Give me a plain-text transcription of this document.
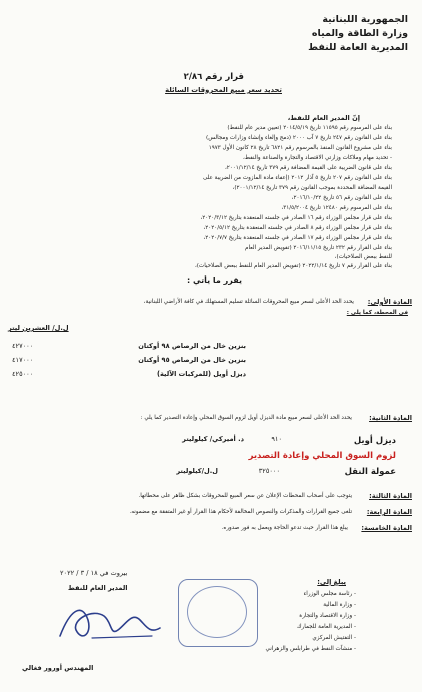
الجمهورية اللبنانية
وزارة الطاقة والمياه
المديرية العامة للنفط
قرار رقم ٢/٨٦
تحديد سعر مبيع المحروقات السائلة
إنّ المدير العام للنفط،
بناء على المرسوم رقم ١١٥٩٥ تاريخ ٢٠١٤/٥/١٩ (تعيين مدير عام للنفط)
بناء على القانون رقم ٢٤٧ تاريخ ٧ آب ٢٠٠٠ (دمج وإلغاء وإنشاء وزارات ومجالس)
بناء على مشروع القانون المنفذ بالمرسوم رقم ٦٨٢١ تاريخ ٢٨ كانون الأول ١٩٧٣
- تحديد مهام وملاكات وزارتي الاقتصاد والتجارة والصناعة والنفط،
بناء على قانون الضريبة على القيمة المضافة رقم ٣٧٩ تاريخ ٢٠٠١/١٢/١٤،
بناء على القانون رقم ٢٠٧ تاريخ ٥ آذار ٢٠١٢ (إعفاء مادة المازوت من الضريبة على
القيمة المضافة المحددة بموجب القانون رقم ٣٧٩ تاريخ ٢٠٠١/١٢/١٤)،
بناء على القانون رقم ٥٦ تاريخ ٢٠١٦/١٠/٢٢،
بناء على المرسوم رقم ١٢٤٨٠ تاريخ ٣١/٥/٢٠٠٤،
بناء على قرار مجلس الوزراء رقم ١٦ الصادر في جلسته المنعقدة بتاريخ ٢٠٢٠/٣/١٢،
بناء على قرار مجلس الوزراء رقم ٨ الصادر في جلسته المنعقدة بتاريخ ٢٠٢٠/٥/١٢،
بناء على قرار مجلس الوزراء رقم ١٧ الصادر في جلسته المنعقدة بتاريخ ٢٠٢٠/٧/٧،
بناء على القرار رقم ٢٣٢ تاريخ ٢٠١٦/١١/١٥ (تفويض المدير العام
للنفط ببعض الصلاحيات)،
بناء على القرار رقم ٧ تاريخ ٢٠٢٢/١/١٤ (تفويض المدير العام للنفط ببعض الصلاحيات)،
يقرر ما يأتي :
المادة الأولى:
يحدد الحد الأعلى لسعر مبيع المحروقات السائلة تسليم المستهلك في كافة الأراضي اللبنانية،
في المحطة، كما يلي :
ل.ل/ العشرين ليتر
بنزين خال من الرصاص ٩٨ أوكتان
٤٢٧٠٠٠
بنزين خال من الرصاص ٩٥ أوكتان
٤١٧٠٠٠
ديزل أويل (للمركبات الآلية)
٤٢٥٠٠٠
المادة الثانية:
يحدد الحد الأعلى لسعر مبيع مادة الديزل أويل لزوم السوق المحلي وإعادة التصدير كما يلي :
ديزل أويل
٩١٠
د. أميركي/ كيلوليتر
لزوم السوق المحلي وإعادة التصدير
عمولة النقل
٣٢٥٠٠٠
ل.ل/كيلوليتر
المادة الثالثة:
يتوجب على أصحاب المحطات الإعلان عن سعر المبيع للمحروقات بشكل ظاهر على محطاتها.
المادة الرابعة:
تلغى جميع القرارات والمذكرات والنصوص المخالفة لأحكام هذا القرار أو غير المتفقة مع مضمونه.
المادة الخامسة:
يبلغ هذا القرار حيث تدعو الحاجة ويعمل به فور صدوره.
بيروت في ١٨ / ٣ / ٢٠٢٢
المدير العام للنفط
المهندس أورور فغالي
يبلغ إلى:
- رئاسة مجلس الوزراء
- وزارة المالية
- وزارة الاقتصاد والتجارة
- المديرية العامة للجمارك
- التفتيش المركزي
- منشآت النفط في طرابلس والزهراني
